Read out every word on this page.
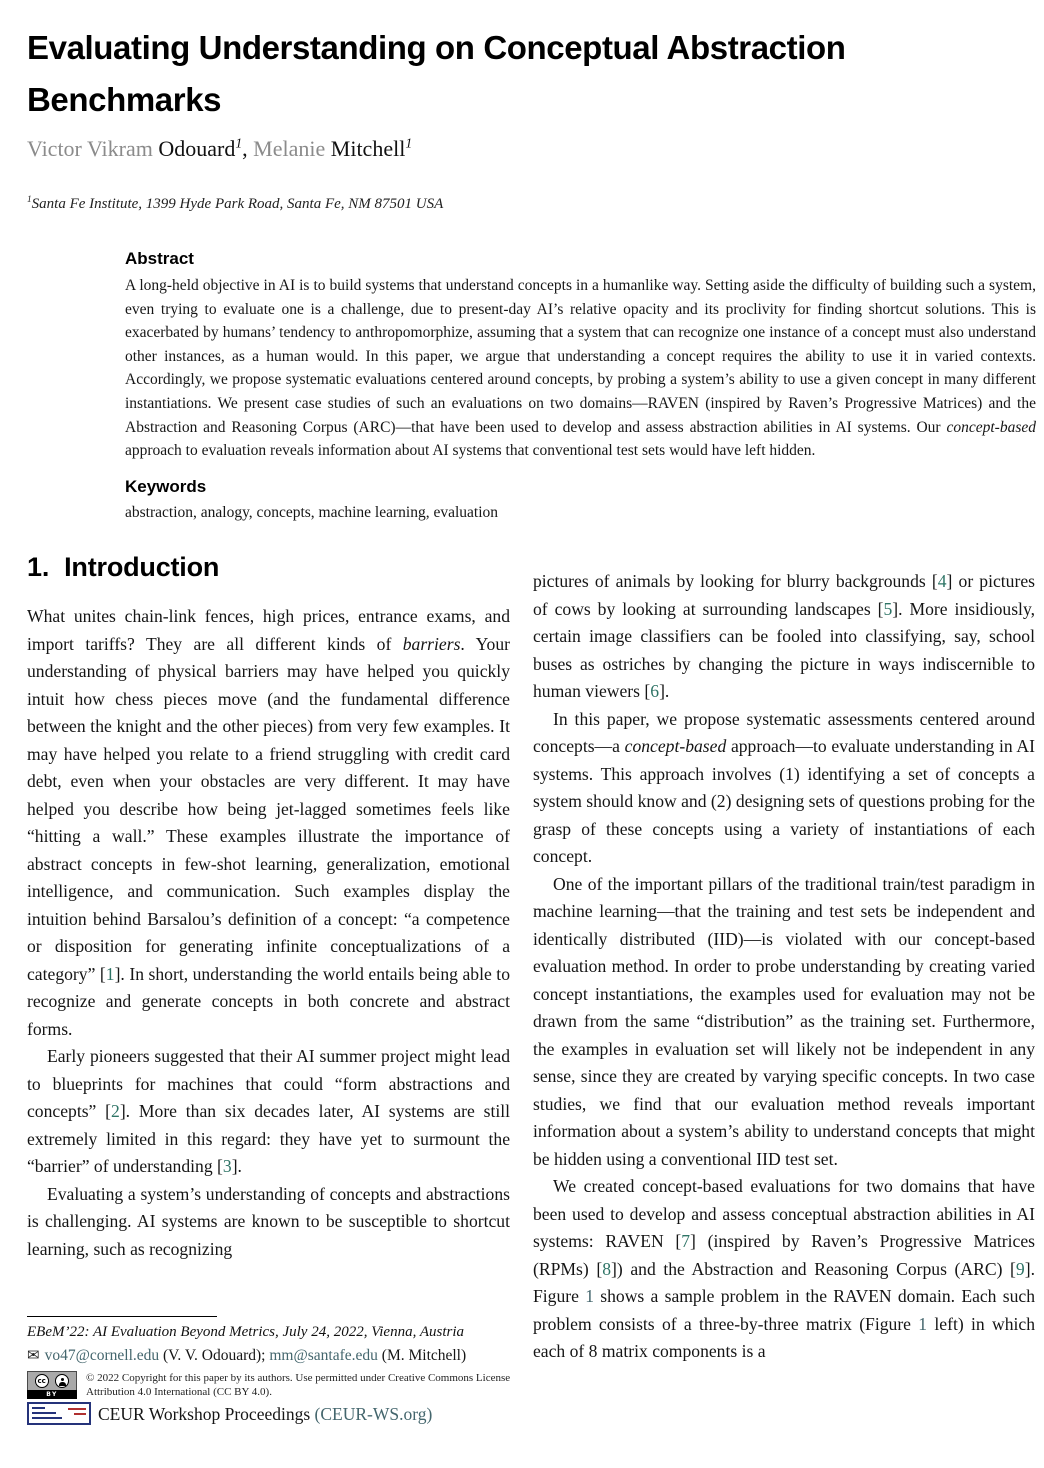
Evaluating Understanding on Conceptual Abstraction Benchmarks
Victor Vikram Odouard$^1$, Melanie Mitchell$^1$
$^1$Santa Fe Institute, 1399 Hyde Park Road, Santa Fe, NM 87501 USA
Abstract
A long-held objective in AI is to build systems that understand concepts in a humanlike way. Setting aside the difficulty of building such a system, even trying to evaluate one is a challenge, due to present-day AI’s relative opacity and its proclivity for finding shortcut solutions. This is exacerbated by humans’ tendency to anthropomorphize, assuming that a system that can recognize one instance of a concept must also understand other instances, as a human would. In this paper, we argue that understanding a concept requires the ability to use it in varied contexts. Accordingly, we propose systematic evaluations centered around concepts, by probing a system’s ability to use a given concept in many different instantiations. We present case studies of such an evaluations on two domains—RAVEN (inspired by Raven’s Progressive Matrices) and the Abstraction and Reasoning Corpus (ARC)—that have been used to develop and assess abstraction abilities in AI systems. Our concept-based approach to evaluation reveals information about AI systems that conventional test sets would have left hidden.
Keywords
abstraction, analogy, concepts, machine learning, evaluation
1. Introduction

What unites chain-link fences, high prices, entrance exams, and import tariffs? They are all different kinds of barriers. Your understanding of physical barriers may have helped you quickly intuit how chess pieces move (and the fundamental difference between the knight and the other pieces) from very few examples. It may have helped you relate to a friend struggling with credit card debt, even when your obstacles are very different. It may have helped you describe how being jet-lagged sometimes feels like “hitting a wall.” These examples illustrate the importance of abstract concepts in few-shot learning, generalization, emotional intelligence, and communication. Such examples display the intuition behind Barsalou’s definition of a concept: “a competence or disposition for generating infinite conceptualizations of a category” [1]. In short, understanding the world entails being able to recognize and generate concepts in both concrete and abstract forms.

Early pioneers suggested that their AI summer project might lead to blueprints for machines that could “form abstractions and concepts” [2]. More than six decades later, AI systems are still extremely limited in this regard: they have yet to surmount the “barrier” of understanding [3].

Evaluating a system’s understanding of concepts and abstractions is challenging. AI systems are known to be susceptible to shortcut learning, such as recognizing

pictures of animals by looking for blurry backgrounds [4] or pictures of cows by looking at surrounding landscapes [5]. More insidiously, certain image classifiers can be fooled into classifying, say, school buses as ostriches by changing the picture in ways indiscernible to human viewers [6].

In this paper, we propose systematic assessments centered around concepts—a concept-based approach—to evaluate understanding in AI systems. This approach involves (1) identifying a set of concepts a system should know and (2) designing sets of questions probing for the grasp of these concepts using a variety of instantiations of each concept.

One of the important pillars of the traditional train/test paradigm in machine learning—that the training and test sets be independent and identically distributed (IID)—is violated with our concept-based evaluation method. In order to probe understanding by creating varied concept instantiations, the examples used for evaluation may not be drawn from the same “distribution” as the training set. Furthermore, the examples in evaluation set will likely not be independent in any sense, since they are created by varying specific concepts. In two case studies, we find that our evaluation method reveals important information about a system’s ability to understand concepts that might be hidden using a conventional IID test set.

We created concept-based evaluations for two domains that have been used to develop and assess conceptual abstraction abilities in AI systems: RAVEN [7] (inspired by Raven’s Progressive Matrices (RPMs) [8]) and the Abstraction and Reasoning Corpus (ARC) [9]. Figure 1 shows a sample problem in the RAVEN domain. Each such problem consists of a three-by-three matrix (Figure 1 left) in which each of 8 matrix components is a

EBeM’22: AI Evaluation Beyond Metrics, July 24, 2022, Vienna, Austria
✉ vo47@cornell.edu (V. V. Odouard); mm@santafe.edu (M. Mitchell)
cc
BY
© 2022 Copyright for this paper by its authors. Use permitted under Creative Commons License Attribution 4.0 International (CC BY 4.0).
CEUR Workshop Proceedings (CEUR-WS.org)
